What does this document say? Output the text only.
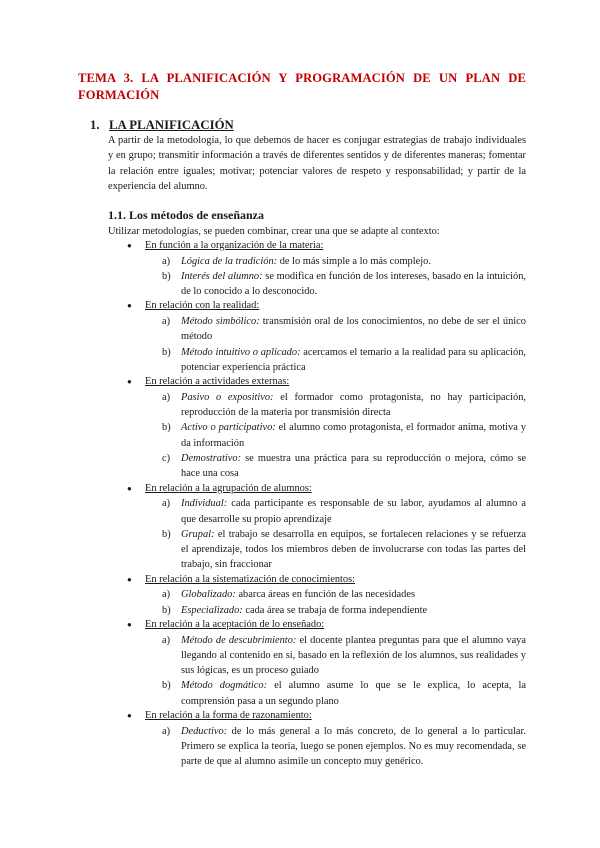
TEMA 3. LA PLANIFICACIÓN Y PROGRAMACIÓN DE UN PLAN DE FORMACIÓN
1. LA PLANIFICACIÓN
A partir de la metodología, lo que debemos de hacer es conjugar estrategias de trabajo individuales y en grupo; transmitir información a través de diferentes sentidos y de diferentes maneras; fomentar la relación entre iguales; motivar; potenciar valores de respeto y responsabilidad; y partir de la experiencia del alumno.
1.1. Los métodos de enseñanza
Utilizar metodologías, se pueden combinar, crear una que se adapte al contexto:
● En función a la organización de la materia:
a) Lógica de la tradición: de lo más simple a lo más complejo.
b) Interés del alumno: se modifica en función de los intereses, basado en la intuición, de lo conocido a lo desconocido.
● En relación con la realidad:
a) Método simbólico: transmisión oral de los conocimientos, no debe de ser el único método
b) Método intuitivo o aplicado: acercamos el temario a la realidad para su aplicación, potenciar experiencia práctica
● En relación a actividades externas:
a) Pasivo o expositivo: el formador como protagonista, no hay participación, reproducción de la materia por transmisión directa
b) Activo o participativo: el alumno como protagonista, el formador anima, motiva y da información
c) Demostrativo: se muestra una práctica para su reproducción o mejora, cómo se hace una cosa
● En relación a la agrupación de alumnos:
a) Individual: cada participante es responsable de su labor, ayudamos al alumno a que desarrolle su propio aprendizaje
b) Grupal: el trabajo se desarrolla en equipos, se fortalecen relaciones y se refuerza el aprendizaje, todos los miembros deben de involucrarse con todas las partes del trabajo, sin fraccionar
● En relación a la sistematización de conocimientos:
a) Globalizado: abarca áreas en función de las necesidades
b) Especializado: cada área se trabaja de forma independiente
● En relación a la aceptación de lo enseñado:
a) Método de descubrimiento: el docente plantea preguntas para que el alumno vaya llegando al contenido en sí, basado en la reflexión de los alumnos, sus realidades y sus lógicas, es un proceso guiado
b) Método dogmático: el alumno asume lo que se le explica, lo acepta, la comprensión pasa a un segundo plano
● En relación a la forma de razonamiento:
a) Deductivo: de lo más general a lo más concreto, de lo general a lo particular. Primero se explica la teoría, luego se ponen ejemplos. No es muy recomendada, se parte de que al alumno asimile un concepto muy genérico.
